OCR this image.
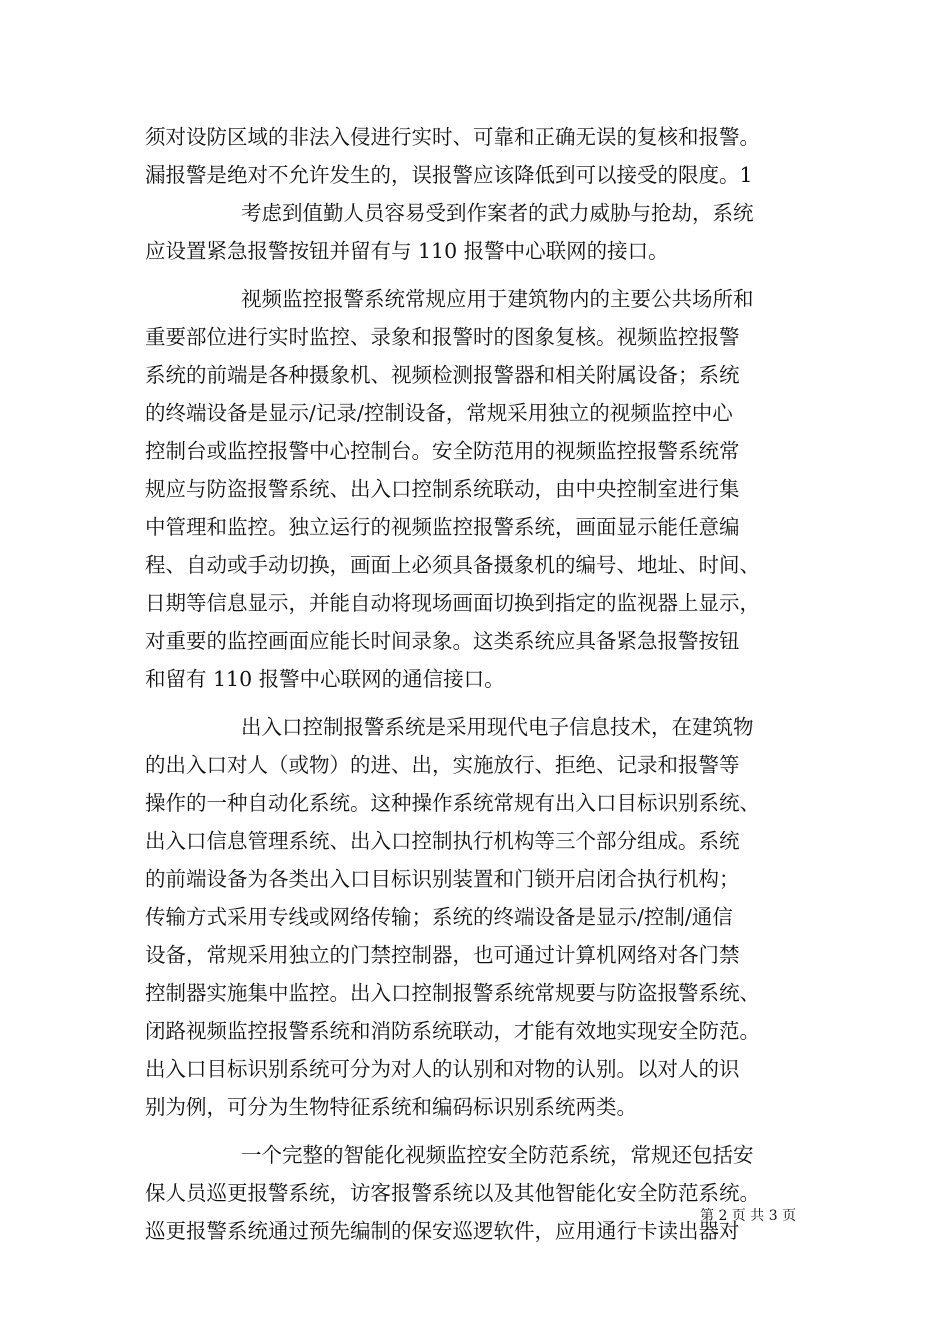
须对设防区域的非法入侵进行实时、可靠和正确无误的复核和报警。
漏报警是绝对不允许发生的，误报警应该降低到可以接受的限度。1
考虑到值勤人员容易受到作案者的武力威胁与抢劫，系统
应设置紧急报警按钮并留有与 110 报警中心联网的接口。
视频监控报警系统常规应用于建筑物内的主要公共场所和
重要部位进行实时监控、录象和报警时的图象复核。视频监控报警
系统的前端是各种摄象机、视频检测报警器和相关附属设备；系统
的终端设备是显示/记录/控制设备，常规采用独立的视频监控中心
控制台或监控报警中心控制台。安全防范用的视频监控报警系统常
规应与防盗报警系统、出入口控制系统联动，由中央控制室进行集
中管理和监控。独立运行的视频监控报警系统，画面显示能任意编
程、自动或手动切换，画面上必须具备摄象机的编号、地址、时间、
日期等信息显示，并能自动将现场画面切换到指定的监视器上显示，
对重要的监控画面应能长时间录象。这类系统应具备紧急报警按钮
和留有 110 报警中心联网的通信接口。
出入口控制报警系统是采用现代电子信息技术，在建筑物
的出入口对人（或物）的进、出，实施放行、拒绝、记录和报警等
操作的一种自动化系统。这种操作系统常规有出入口目标识别系统、
出入口信息管理系统、出入口控制执行机构等三个部分组成。系统
的前端设备为各类出入口目标识别装置和门锁开启闭合执行机构；
传输方式采用专线或网络传输；系统的终端设备是显示/控制/通信
设备，常规采用独立的门禁控制器，也可通过计算机网络对各门禁
控制器实施集中监控。出入口控制报警系统常规要与防盗报警系统、
闭路视频监控报警系统和消防系统联动，才能有效地实现安全防范。
出入口目标识别系统可分为对人的认别和对物的认别。以对人的识
别为例，可分为生物特征系统和编码标识别系统两类。
一个完整的智能化视频监控安全防范系统，常规还包括安
保人员巡更报警系统，访客报警系统以及其他智能化安全防范系统。
巡更报警系统通过预先编制的保安巡逻软件，应用通行卡读出器对
第 2 页 共 3 页
